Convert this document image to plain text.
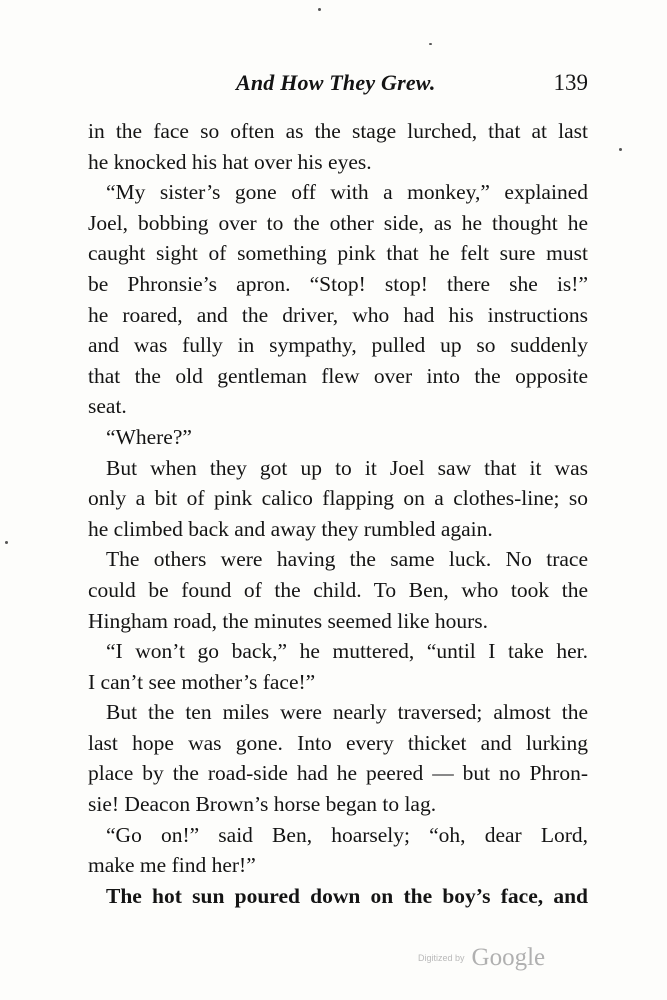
And How They Grew.	139
in the face so often as the stage lurched, that at last
he knocked his hat over his eyes.
“My sister’s gone off with a monkey,” explained
Joel, bobbing over to the other side, as he thought he
caught sight of something pink that he felt sure must
be Phronsie’s apron. “Stop! stop! there she is!”
he roared, and the driver, who had his instructions
and was fully in sympathy, pulled up so suddenly
that the old gentleman flew over into the opposite
seat.
“Where?”
But when they got up to it Joel saw that it was
only a bit of pink calico flapping on a clothes-line; so
he climbed back and away they rumbled again.
The others were having the same luck. No trace
could be found of the child. To Ben, who took the
Hingham road, the minutes seemed like hours.
“I won’t go back,” he muttered, “until I take her.
I can’t see mother’s face!”
But the ten miles were nearly traversed; almost the
last hope was gone. Into every thicket and lurking
place by the road-side had he peered — but no Phron-
sie! Deacon Brown’s horse began to lag.
“Go on!” said Ben, hoarsely; “oh, dear Lord,
make me find her!”
The hot sun poured down on the boy’s face, and
Digitized by Google
